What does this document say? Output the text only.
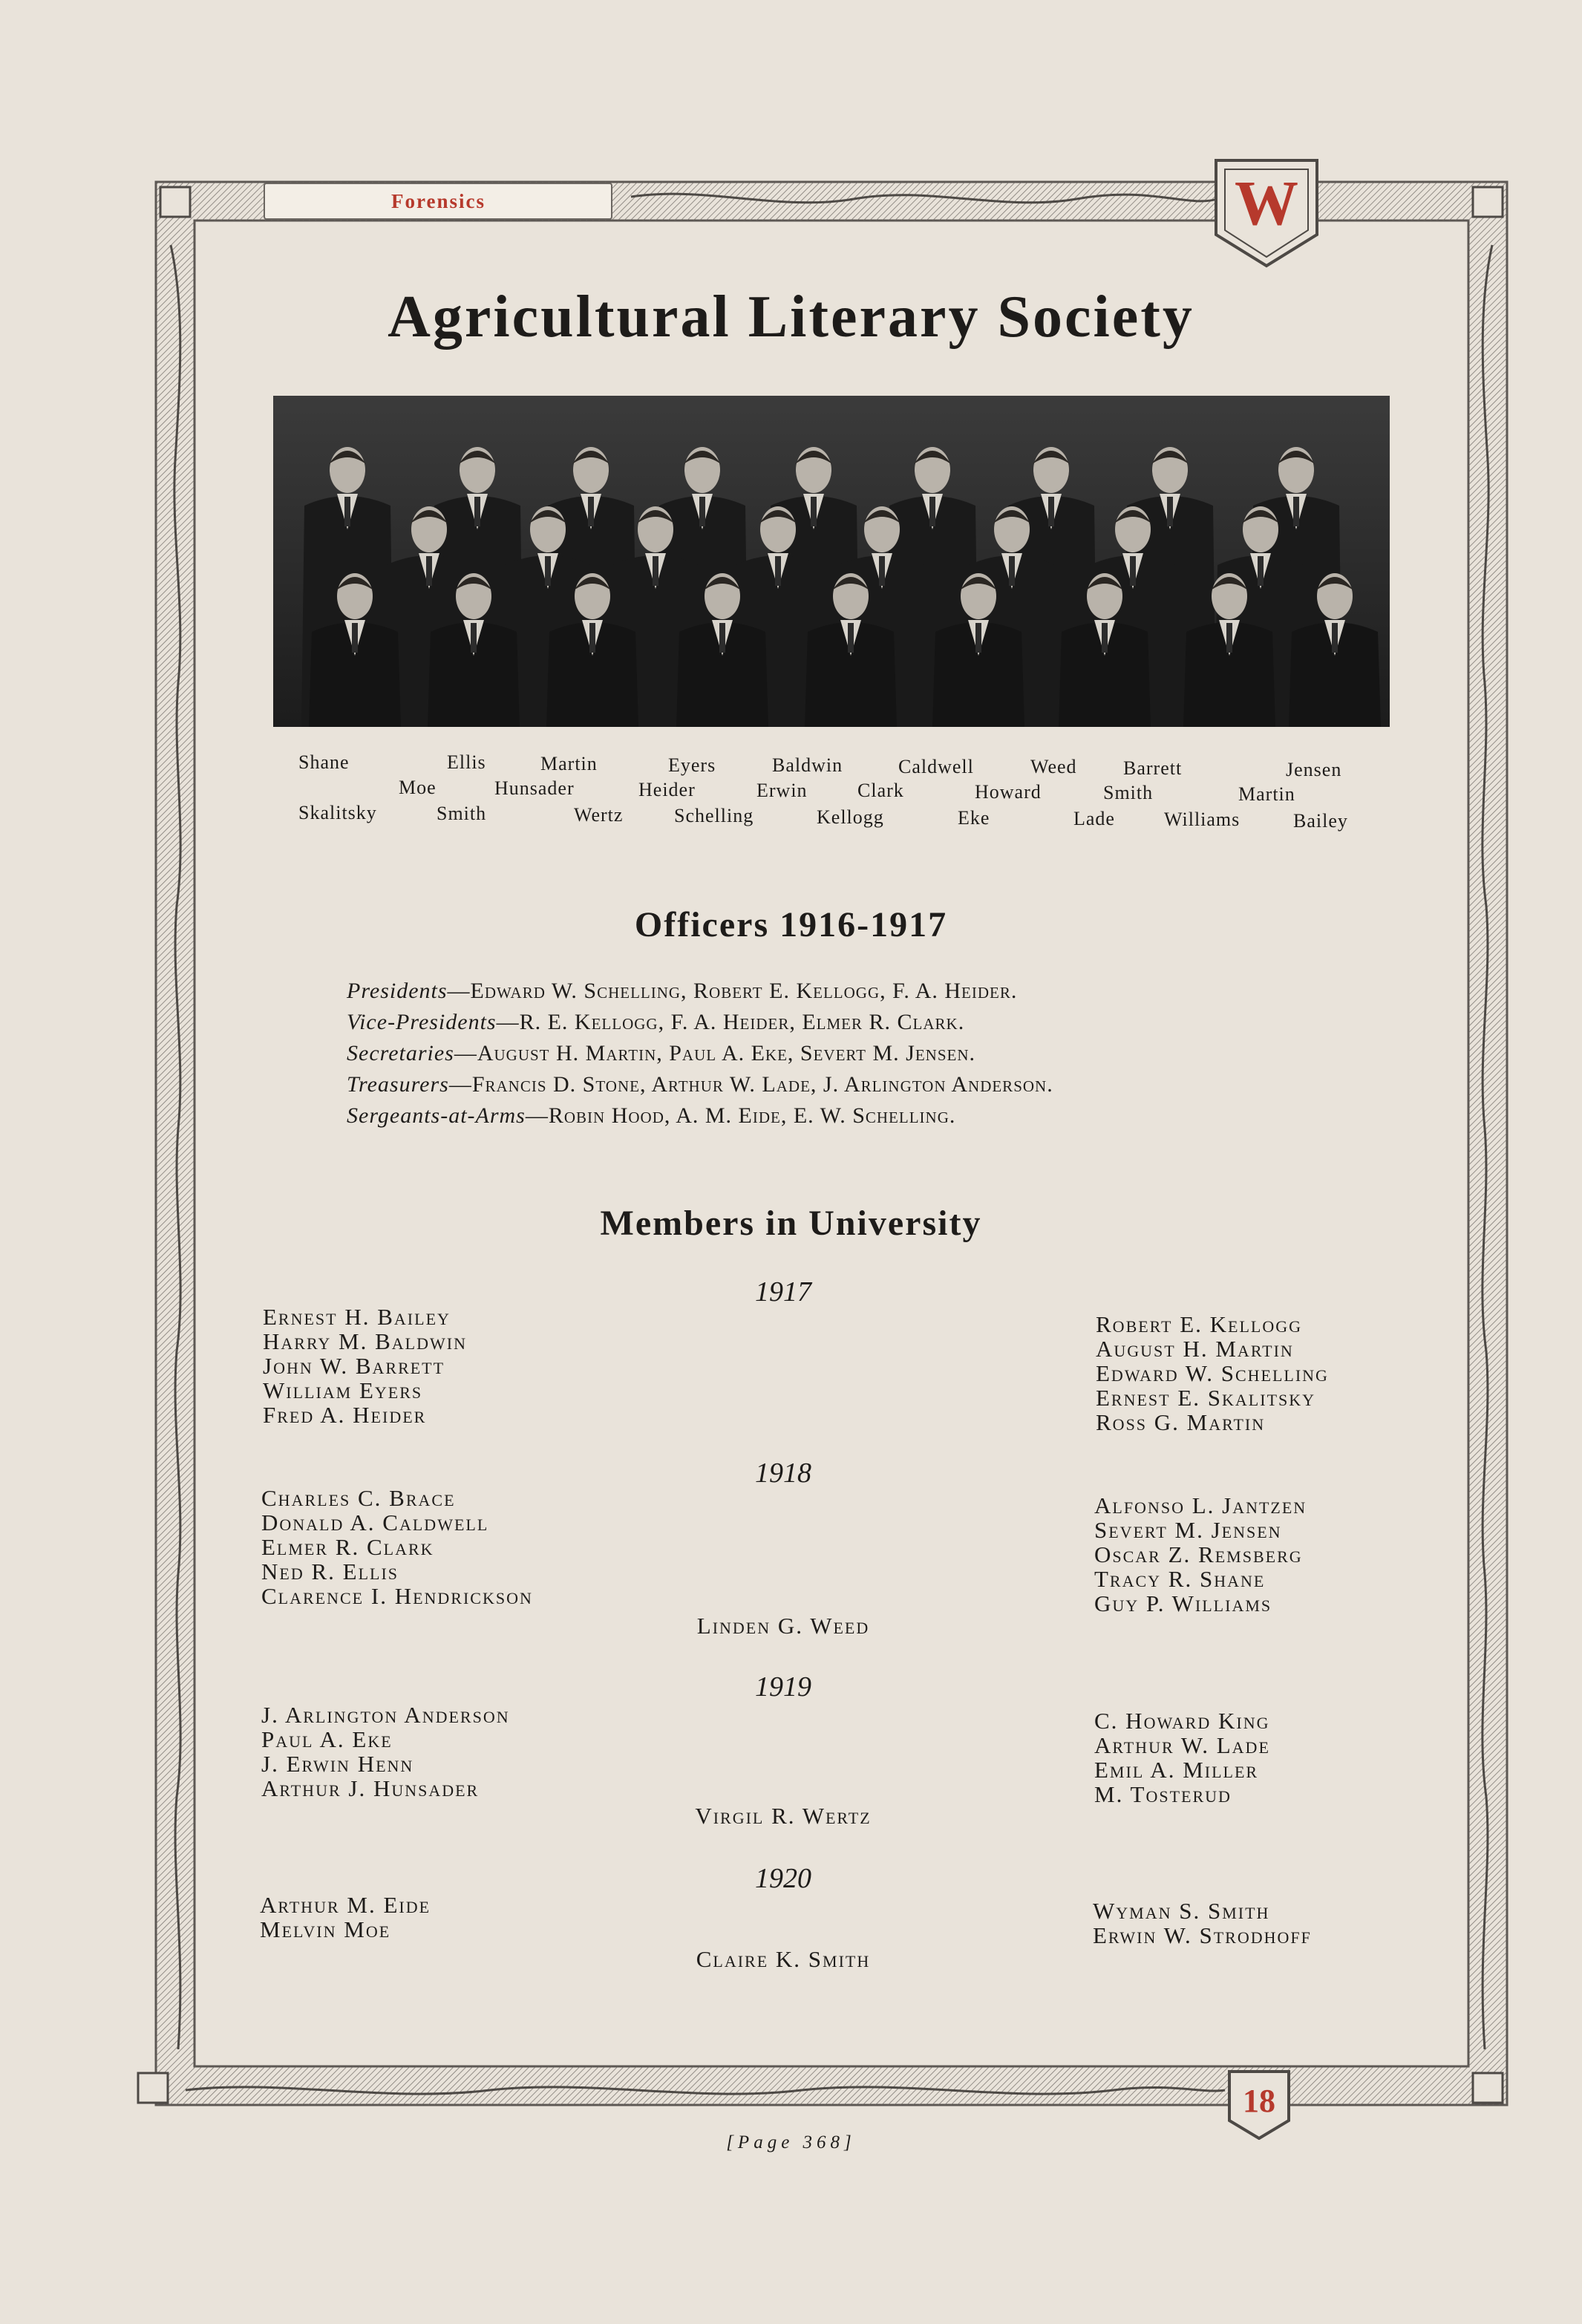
Forensics	W
18
Agricultural Literary Society
Shane	Ellis	Martin	Eyers	Baldwin	Caldwell	Weed Barrett	Jensen
Moe	Hunsader	Heider	Erwin	Clark	Howard	Smith	Martin
Skalitsky	Smith	Wertz	Schelling	Kellogg	Eke	Lade	Williams	Bailey
Officers 1916-1917
Presidents—Edward W. Schelling, Robert E. Kellogg, F. A. Heider.
Vice-Presidents—R. E. Kellogg, F. A. Heider, Elmer R. Clark.
Secretaries—August H. Martin, Paul A. Eke, Severt M. Jensen.
Treasurers—Francis D. Stone, Arthur W. Lade, J. Arlington Anderson.
Sergeants-at-Arms—Robin Hood, A. M. Eide, E. W. Schelling.
Members in University
1917
Ernest H. Bailey
Harry M. Baldwin
John W. Barrett
William Eyers
Fred A. Heider
Robert E. Kellogg
August H. Martin
Edward W. Schelling
Ernest E. Skalitsky
Ross G. Martin
1918
Charles C. Brace
Donald A. Caldwell
Elmer R. Clark
Ned R. Ellis
Clarence I. Hendrickson
Alfonso L. Jantzen
Severt M. Jensen
Oscar Z. Remsberg
Tracy R. Shane
Guy P. Williams
Linden G. Weed
1919
J. Arlington Anderson
Paul A. Eke
J. Erwin Henn
Arthur J. Hunsader
C. Howard King
Arthur W. Lade
Emil A. Miller
M. Tosterud
Virgil R. Wertz
1920
Arthur M. Eide
Melvin Moe
Wyman S. Smith
Erwin W. Strodhoff
Claire K. Smith
[Page 368]
